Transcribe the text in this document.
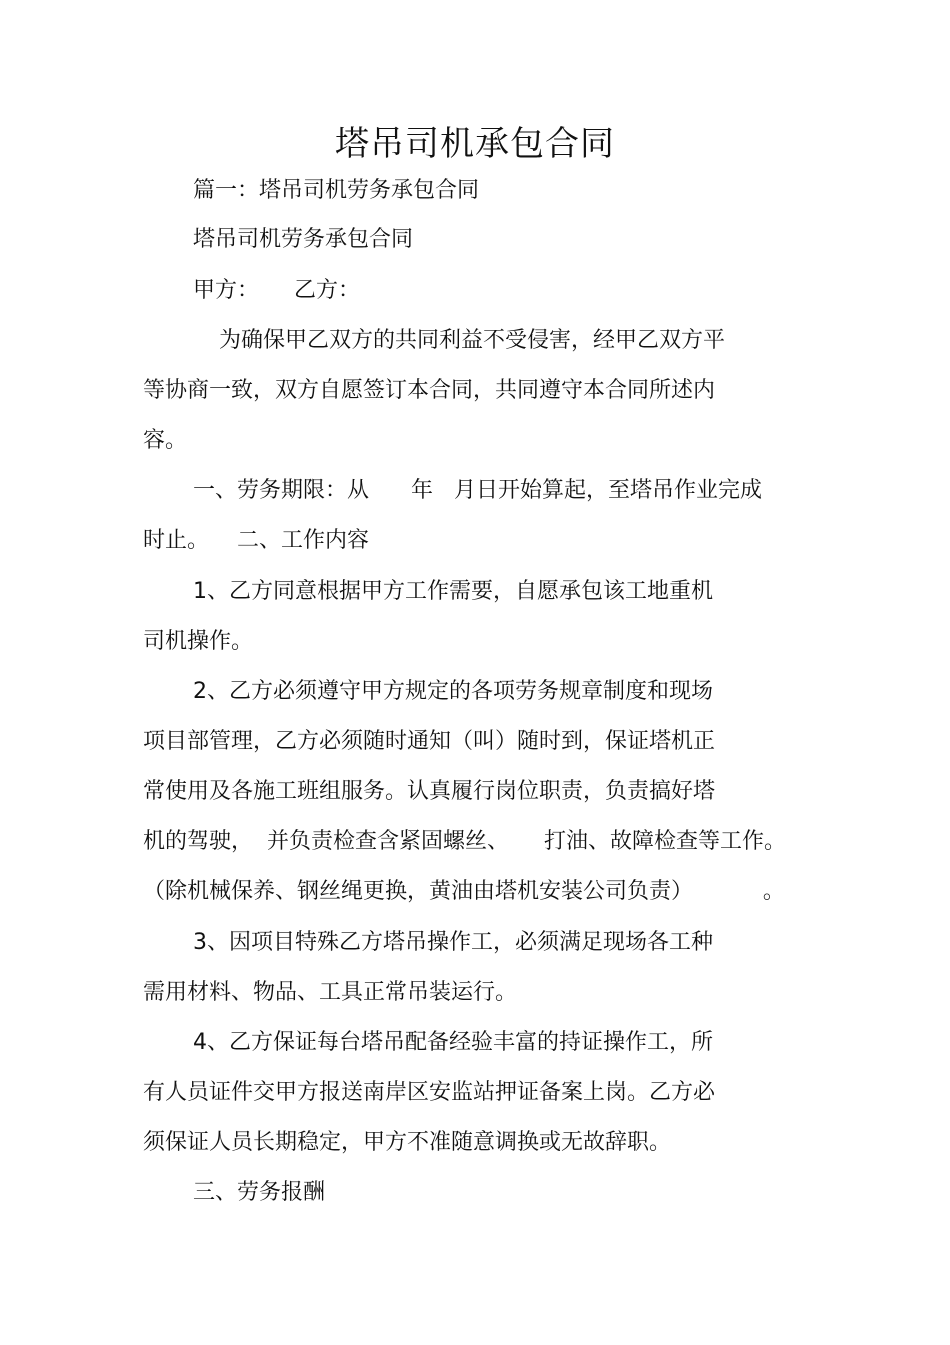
塔吊司机承包合同
篇一：塔吊司机劳务承包合同
塔吊司机劳务承包合同
甲方：     乙方：
为确保甲乙双方的共同利益不受侵害，经甲乙双方平
等协商一致，双方自愿签订本合同，共同遵守本合同所述内
容。
一、劳务期限：从      年   月日开始算起，至塔吊作业完成
时止。    二、工作内容
1、乙方同意根据甲方工作需要，自愿承包该工地重机
司机操作。
2、乙方必须遵守甲方规定的各项劳务规章制度和现场
项目部管理，乙方必须随时通知（叫）随时到，保证塔机正
常使用及各施工班组服务。认真履行岗位职责，负责搞好塔
机的驾驶，  并负责检查含紧固螺丝、     打油、故障检查等工作。
（除机械保养、钢丝绳更换，黄油由塔机安装公司负责）          。
3、因项目特殊乙方塔吊操作工，必须满足现场各工种
需用材料、物品、工具正常吊装运行。
4、乙方保证每台塔吊配备经验丰富的持证操作工，所
有人员证件交甲方报送南岸区安监站押证备案上岗。乙方必
须保证人员长期稳定，甲方不准随意调换或无故辞职。
三、劳务报酬
